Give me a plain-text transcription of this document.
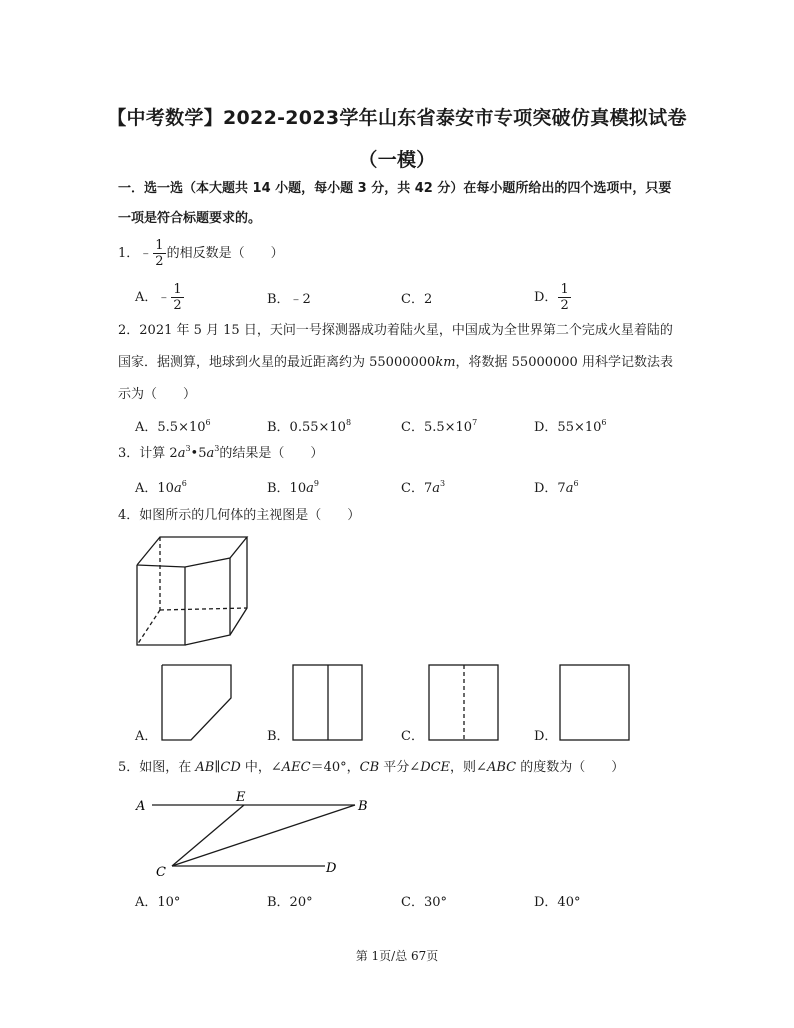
【中考数学】2022-2023学年山东省泰安市专项突破仿真模拟试卷
（一模）
一．选一选（本大题共 14 小题，每小题 3 分，共 42 分）在每小题所给出的四个选项中，只要
一项是符合标题要求的。
1．﹣ $\frac{1}{2}$ 的相反数是（　　）
A．﹣ $\frac{1}{2}$	B．﹣2	C．2	D． $\frac{1}{2}$
2．2021 年 5 月 15 日，天问一号探测器成功着陆火星，中国成为全世界第二个完成火星着陆的
国家．据测算，地球到火星的最近距离约为 55000000km，将数据 55000000 用科学记数法表
示为（　　）
A．$5.5\times 10^6$	B．$0.55\times 10^8$	C．$5.5\times 10^7$	D．$55\times 10^6$
3．计算 $2a^3•5a^3$的结果是（　　）
A．$10a^6$	B．$10a^9$	C．$7a^3$	D．$7a^6$
4．如图所示的几何体的主视图是（　　）
A．	B．	C．	D．
5．如图，在 AB∥CD 中，∠AEC＝40°，CB 平分∠DCE，则∠ABC 的度数为（　　）
A
E
B
C	D
A．10°	B．20°	C．30°	D．40°
第 1页/总 67页
